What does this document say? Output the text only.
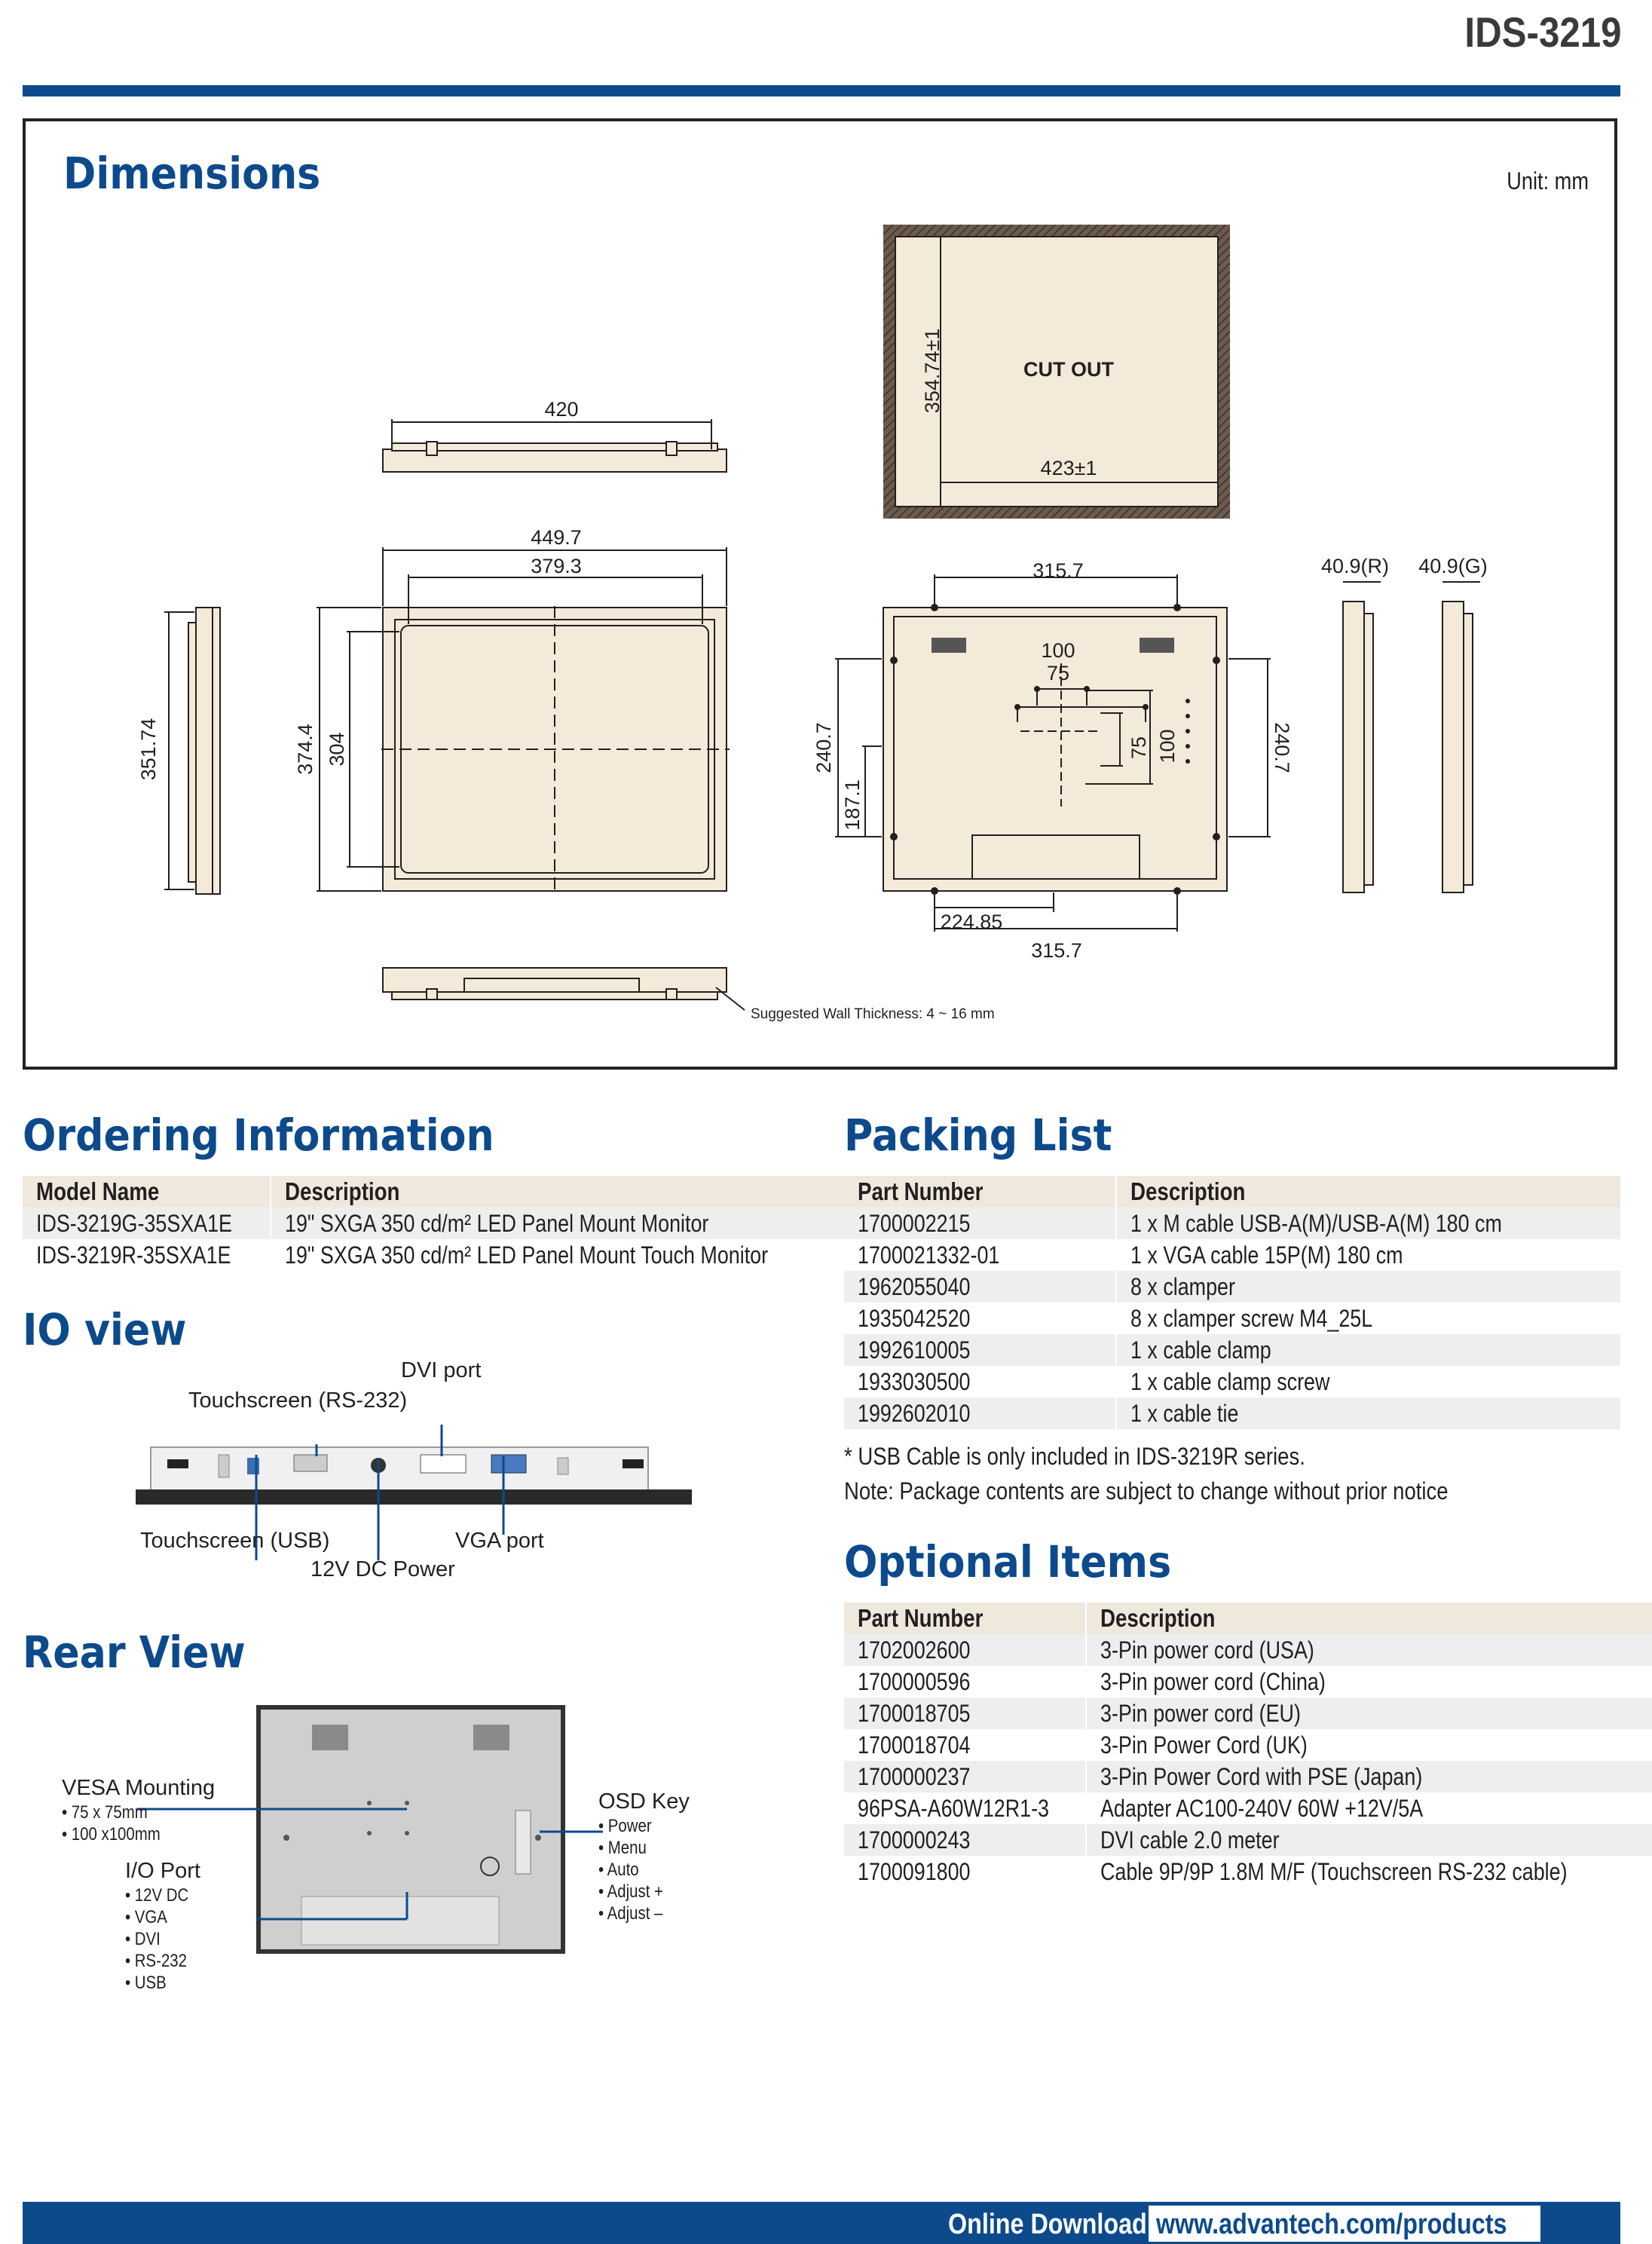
IDS-3219
Dimensions	Unit: mm
CUT OUT
354.74±1
423±1
420
351.74
449.7
379.3
374.4 304
Suggested Wall Thickness: 4 ~ 16 mm
315.7
100
75
75 100
240.7
187.1
240.7
224.85
315.7
40.9(R) 40.9(G)
Ordering Information
Model Name	Description
IDS-3219G-35SXA1E	19" SXGA 350 cd/m² LED Panel Mount Monitor
IDS-3219R-35SXA1E	19" SXGA 350 cd/m² LED Panel Mount Touch Monitor
IO view
DVI port
Touchscreen (RS-232)
Touchscreen (USB)	VGA port
12V DC Power
Rear View
VESA Mounting
• 75 x 75mm
• 100 x100mm
I/O Port
• 12V DC
• VGA
• DVI
• RS-232
• USB
OSD Key
• Power
• Menu
• Auto
• Adjust +
• Adjust –
Packing List
Part Number	Description
1700002215	1 x M cable USB-A(M)/USB-A(M) 180 cm
1700021332-01	1 x VGA cable 15P(M) 180 cm
1962055040	8 x clamper
1935042520	8 x clamper screw M4_25L
1992610005	1 x cable clamp
1933030500	1 x cable clamp screw
1992602010	1 x cable tie
* USB Cable is only included in IDS-3219R series.
Note: Package contents are subject to change without prior notice
Optional Items
Part Number	Description
1702002600	3-Pin power cord (USA)
1700000596	3-Pin power cord (China)
1700018705	3-Pin power cord (EU)
1700018704	3-Pin Power Cord (UK)
1700000237	3-Pin Power Cord with PSE (Japan)
96PSA-A60W12R1-3	Adapter AC100-240V 60W +12V/5A
1700000243	DVI cable 2.0 meter
1700091800	Cable 9P/9P 1.8M M/F (Touchscreen RS-232 cable)
Online Download www.advantech.com/products
